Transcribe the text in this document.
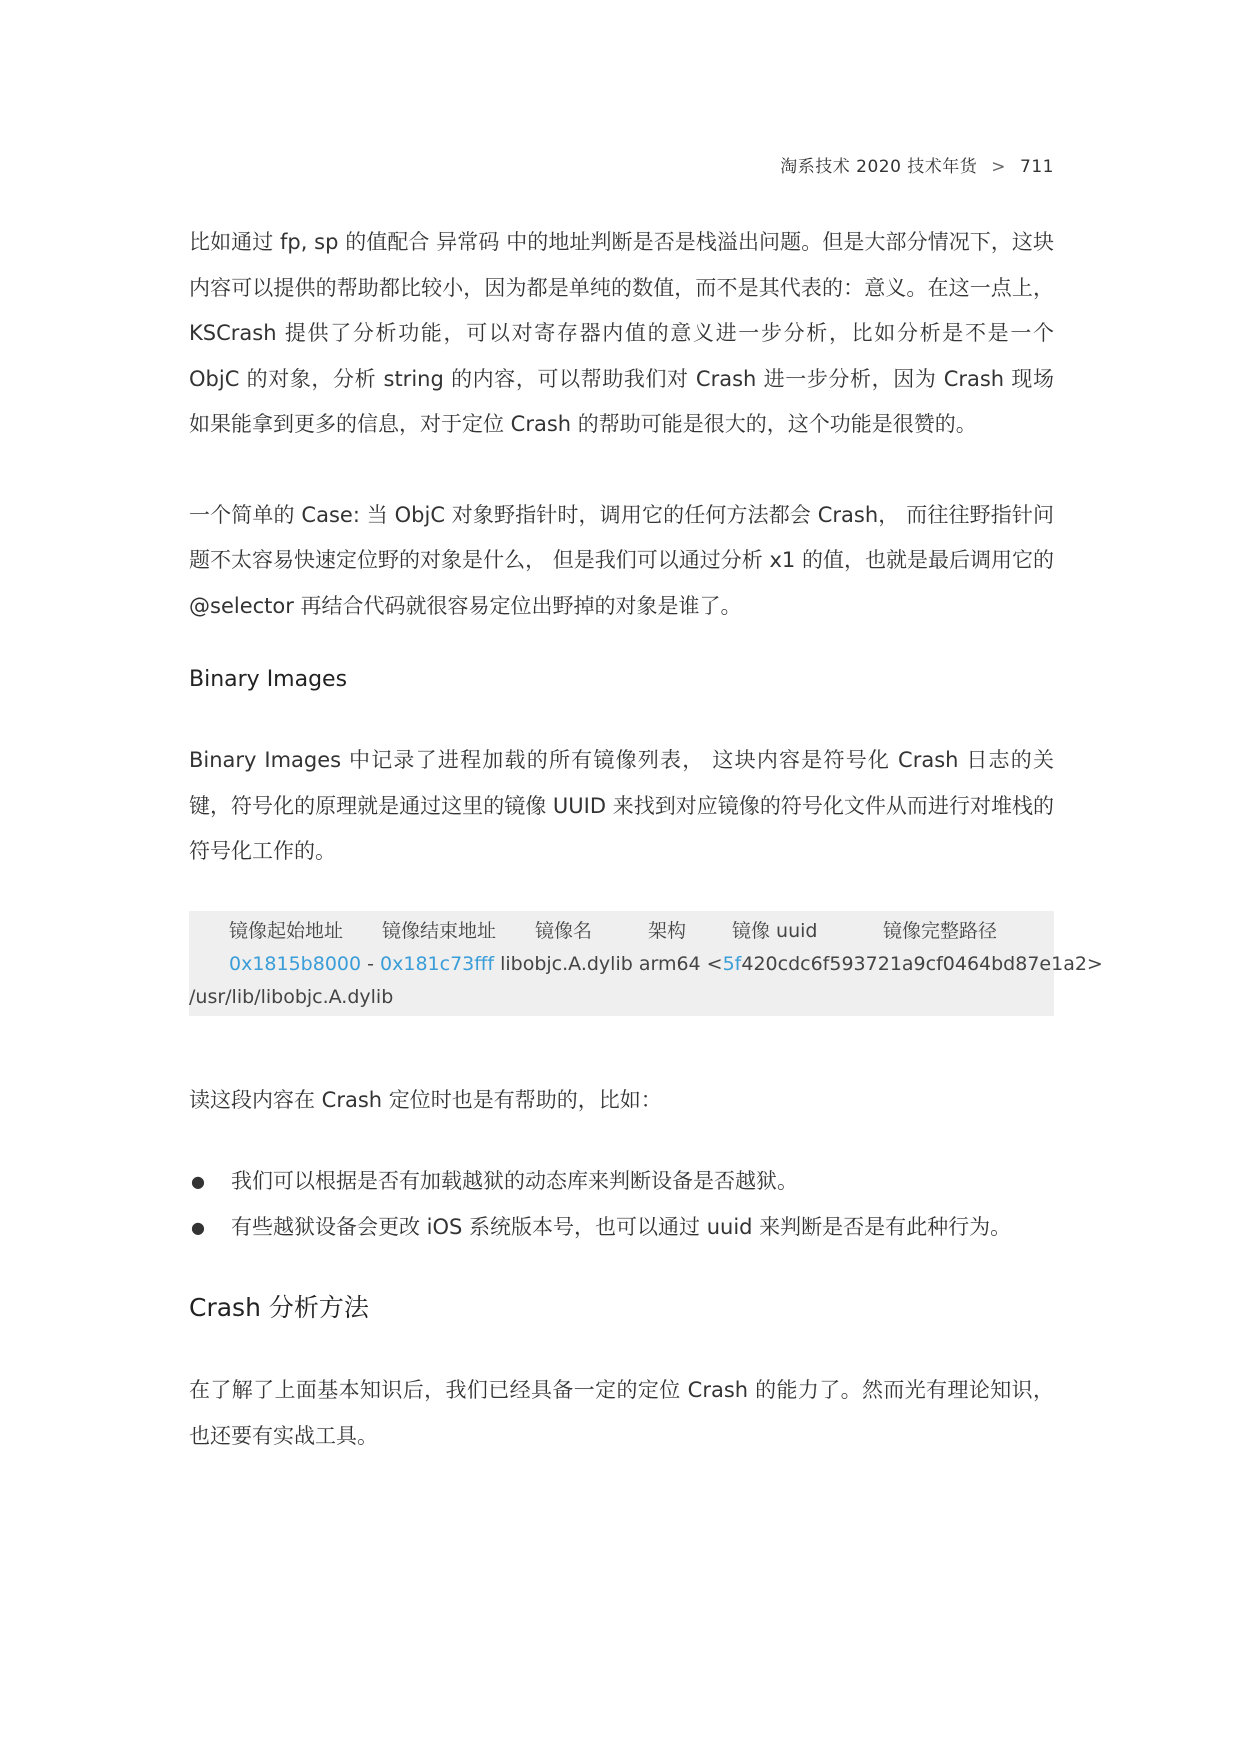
淘系技术 2020 技术年货 > 711

比如通过 fp, sp 的值配合 异常码 中的地址判断是否是栈溢出问题。但是大部分情况下，这块内容可以提供的帮助都比较小，因为都是单纯的数值，而不是其代表的：意义。在这一点上， KSCrash 提供了分析功能，可以对寄存器内值的意义进一步分析，比如分析是不是一个 ObjC 的对象，分析 string 的内容，可以帮助我们对 Crash 进一步分析，因为 Crash 现场如果能拿到更多的信息，对于定位 Crash 的帮助可能是很大的，这个功能是很赞的。

一个简单的 Case: 当 ObjC 对象野指针时，调用它的任何方法都会 Crash， 而往往野指针问题不太容易快速定位野的对象是什么， 但是我们可以通过分析 x1 的值，也就是最后调用它的 @selector 再结合代码就很容易定位出野掉的对象是谁了。

Binary Images

Binary Images 中记录了进程加载的所有镜像列表， 这块内容是符号化 Crash 日志的关键，符号化的原理就是通过这里的镜像 UUID 来找到对应镜像的符号化文件从而进行对堆栈的符号化工作的。

镜像起始地址 镜像结束地址 镜像名	架构 镜像 uuid	镜像完整路径
0x1815b8000 - 0x181c73fff libobjc.A.dylib arm64 <5f420cdc6f593721a9cf0464bd87e1a2>
/usr/lib/libobjc.A.dylib

读这段内容在 Crash 定位时也是有帮助的，比如：

● 我们可以根据是否有加载越狱的动态库来判断设备是否越狱。
● 有些越狱设备会更改 iOS 系统版本号，也可以通过 uuid 来判断是否是有此种行为。
Crash 分析方法

在了解了上面基本知识后，我们已经具备一定的定位 Crash 的能力了。然而光有理论知识，也还要有实战工具。
